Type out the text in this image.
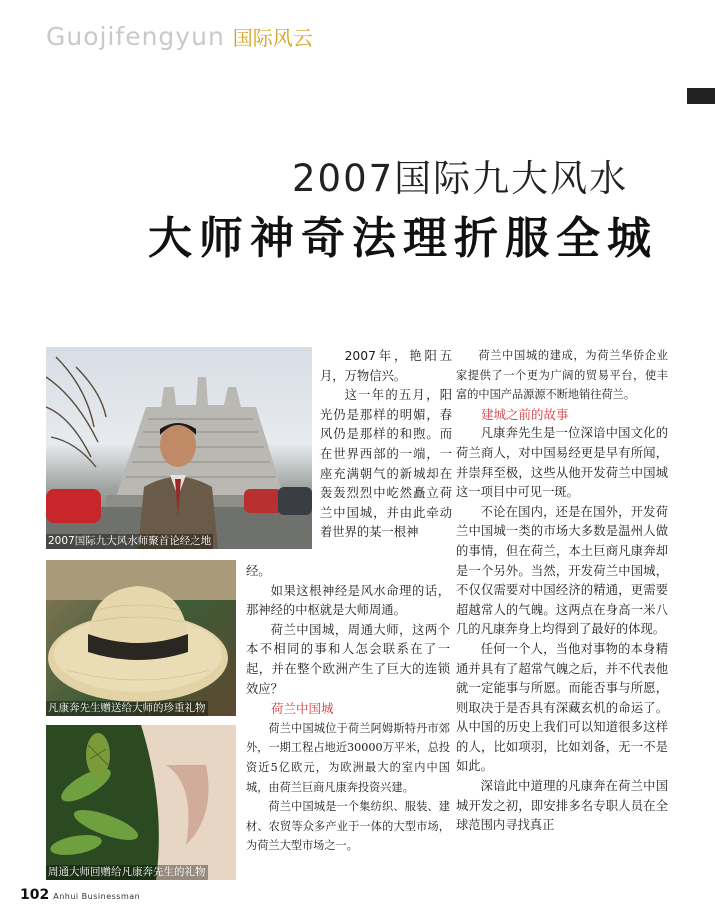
Guojifengyun 国际风云
2007国际九大风水
大师神奇法理折服全城
2007国际九大风水师聚首论经之地
凡康奔先生赠送给大师的珍重礼物
周通大师回赠给凡康奔先生的礼物

2007年，艳阳五月，万物信兴。

这一年的五月，阳光仍是那样的明媚，春风仍是那样的和煦。而在世界西部的一端，一座充满朝气的新城却在轰轰烈烈中屹然矗立荷兰中国城，并由此牵动着世界的某一根神

经。

如果这根神经是风水命理的话，那神经的中枢就是大师周通。

荷兰中国城，周通大师，这两个本不相同的事和人怎会联系在了一起，并在整个欧洲产生了巨大的连锁效应？

荷兰中国城

荷兰中国城位于荷兰阿姆斯特丹市郊外，一期工程占地近30000万平米，总投资近5亿欧元，为欧洲最大的室内中国城，由荷兰巨商凡康奔投资兴建。

荷兰中国城是一个集纺织、服装、建材、农贸等众多产业于一体的大型市场，为荷兰大型市场之一。

荷兰中国城的建成，为荷兰华侨企业家提供了一个更为广阔的贸易平台，使丰富的中国产品源源不断地销往荷兰。

建城之前的故事

凡康奔先生是一位深谙中国文化的荷兰商人，对中国易经更是早有所闻，并崇拜至极，这些从他开发荷兰中国城这一项目中可见一斑。

不论在国内，还是在国外，开发荷兰中国城一类的市场大多数是温州人做的事情，但在荷兰，本土巨商凡康奔却是一个另外。当然，开发荷兰中国城，不仅仅需要对中国经济的精通，更需要超越常人的气魄。这两点在身高一米八几的凡康奔身上均得到了最好的体现。

任何一个人，当他对事物的本身精通并具有了超常气魄之后，并不代表他就一定能事与所愿。而能否事与所愿，则取决于是否具有深藏玄机的命运了。从中国的历史上我们可以知道很多这样的人，比如项羽，比如刘备，无一不是如此。

深谙此中道理的凡康奔在荷兰中国城开发之初，即安排多名专职人员在全球范围内寻找真正

102 Anhui Businessman
